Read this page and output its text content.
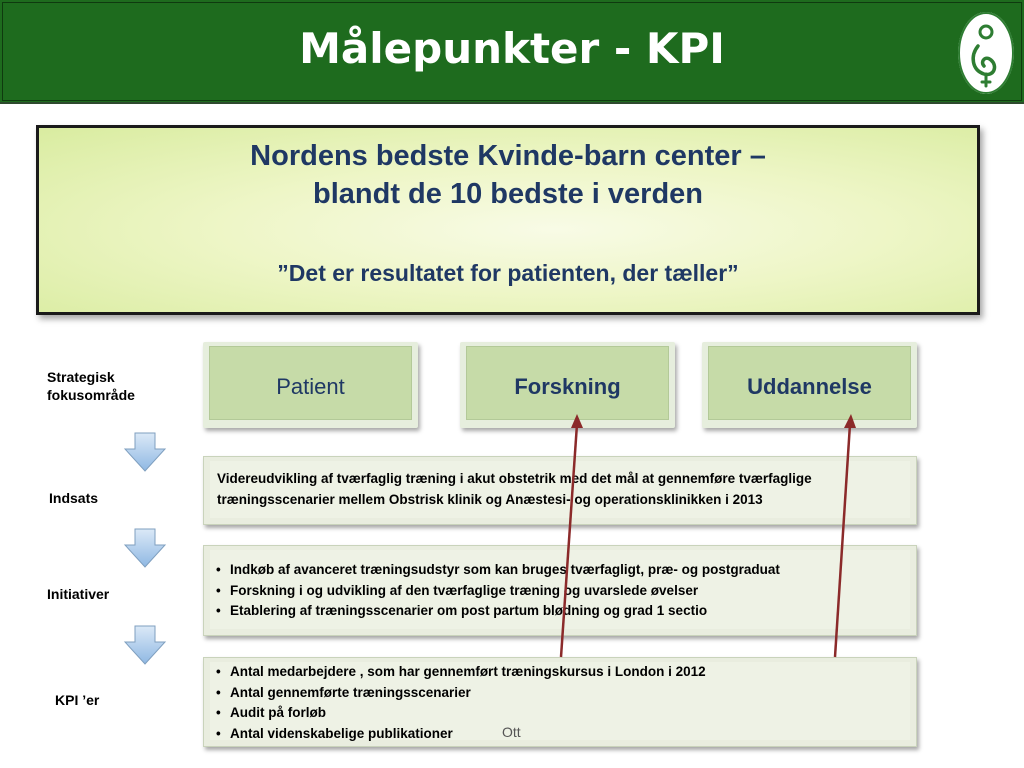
Målepunkter - KPI
Nordens bedste Kvinde-barn center –
blandt de 10 bedste i verden
”Det er resultatet for patienten, der tæller”
Strategisk
fokusområde
Indsats
Initiativer
KPI ’er
Patient	Forskning	Uddannelse
Videreudvikling af tværfaglig træning i akut obstetrik med det mål at gennemføre tværfaglige
træningsscenarier mellem Obstrisk klinik og Anæstesi- og operationsklinikken i 2013
• Indkøb af avanceret træningsudstyr som kan bruges tværfagligt, præ- og postgraduat
• Forskning i og udvikling af den tværfaglige træning og uvarslede øvelser
• Etablering af træningsscenarier om post partum blødning og grad 1 sectio
• Antal medarbejdere , som har gennemført træningskursus i London i 2012
• Antal gennemførte træningsscenarier
• Audit på forløb
• Antal videnskabelige publikationer	Ott
